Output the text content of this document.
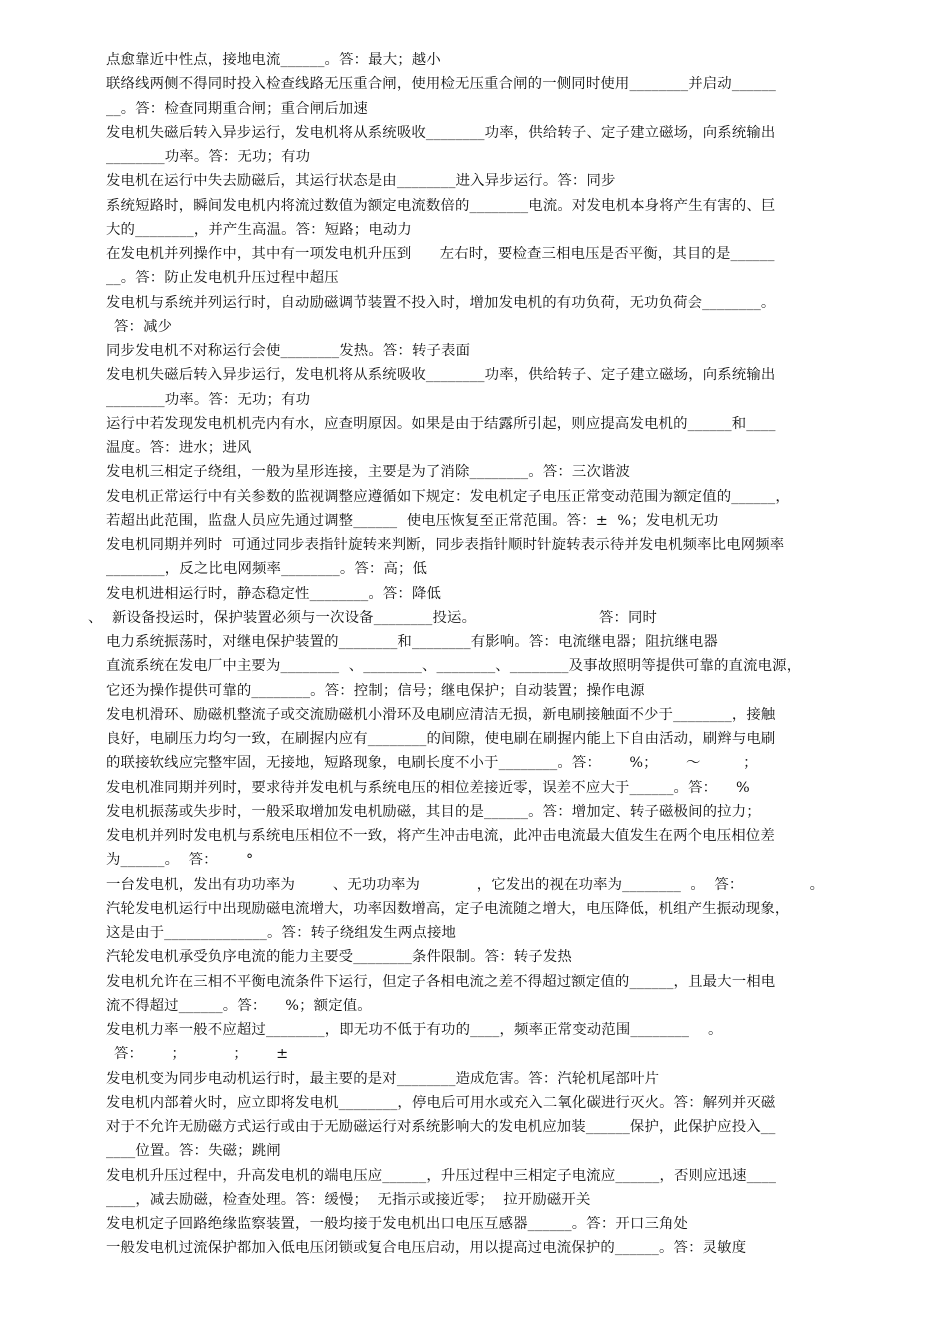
点愈靠近中性点，接地电流______。答：最大；越小
联络线两侧不得同时投入检查线路无压重合闸，使用检无压重合闸的一侧同时使用________并启动______
__。答：检查同期重合闸；重合闸后加速
发电机失磁后转入异步运行，发电机将从系统吸收________功率，供给转子、定子建立磁场，向系统输出
________功率。答：无功；有功
发电机在运行中失去励磁后，其运行状态是由________进入异步运行。答：同步
系统短路时，瞬间发电机内将流过数值为额定电流数倍的________电流。对发电机本身将产生有害的、巨
大的________，并产生高温。答：短路；电动力
在发电机并列操作中，其中有一项发电机升压到      左右时，要检查三相电压是否平衡，其目的是______
__。答：防止发电机升压过程中超压
发电机与系统并列运行时，自动励磁调节装置不投入时，增加发电机的有功负荷，无功负荷会________。
答：减少
同步发电机不对称运行会使________发热。答：转子表面
发电机失磁后转入异步运行，发电机将从系统吸收________功率，供给转子、定子建立磁场，向系统输出
________功率。答：无功；有功
运行中若发现发电机机壳内有水，应查明原因。如果是由于结露所引起，则应提高发电机的______和____
温度。答：进水；进风
发电机三相定子绕组，一般为星形连接，主要是为了消除________。答：三次谐波
发电机正常运行中有关参数的监视调整应遵循如下规定：发电机定子电压正常变动范围为额定值的______，
若超出此范围，监盘人员应先通过调整______  使电压恢复至正常范围。答：±  %；发电机无功
发电机同期并列时  可通过同步表指针旋转来判断，同步表指针顺时针旋转表示待并发电机频率比电网频率
________，反之比电网频率________。答：高；低
发电机进相运行时，静态稳定性________。答：降低
、  新设备投运时，保护装置必须与一次设备________投运。                          答：同时
电力系统振荡时，对继电保护装置的________和________有影响。答：电流继电器；阻抗继电器
直流系统在发电厂中主要为________  、________、________、________及事故照明等提供可靠的直流电源，
它还为操作提供可靠的________。答：控制；信号；继电保护；自动装置；操作电源
发电机滑环、励磁机整流子或交流励磁机小滑环及电刷应清洁无损，新电刷接触面不少于________，接触
良好，电刷压力均匀一致，在刷握内应有________的间隙，使电刷在刷握内能上下自由活动，刷辫与电刷
的联接软线应完整牢固，无接地，短路现象，电刷长度不小于________。答：      %；      ～         ；
发电机准同期并列时，要求待并发电机与系统电压的相位差接近零，误差不应大于______。答：    %
发电机振荡或失步时，一般采取增加发电机励磁，其目的是______。答：增加定、转子磁极间的拉力；
发电机并列时发电机与系统电压相位不一致，将产生冲击电流，此冲击电流最大值发生在两个电压相位差
为______。  答：      °
一台发电机，发出有功功率为        、无功功率为            ，它发出的视在功率为________  。  答：              。
汽轮发电机运行中出现励磁电流增大，功率因数增高，定子电流随之增大，电压降低，机组产生振动现象，
这是由于______________。答：转子绕组发生两点接地
汽轮发电机承受负序电流的能力主要受________条件限制。答：转子发热
发电机允许在三相不平衡电流条件下运行，但定子各相电流之差不得超过额定值的______，且最大一相电
流不得超过______。答：    %；额定值。
发电机力率一般不应超过________，即无功不低于有功的____，频率正常变动范围________    。
答：      ；          ；      ±
发电机变为同步电动机运行时，最主要的是对________造成危害。答：汽轮机尾部叶片
发电机内部着火时，应立即将发电机________，停电后可用水或充入二氧化碳进行灭火。答：解列并灭磁
对于不允许无励磁方式运行或由于无励磁运行对系统影响大的发电机应加装______保护，此保护应投入__
____位置。答：失磁；跳闸
发电机升压过程中，升高发电机的端电压应______，升压过程中三相定子电流应______，否则应迅速____
____，减去励磁，检查处理。答：缓慢；  无指示或接近零；  拉开励磁开关
发电机定子回路绝缘监察装置，一般均接于发电机出口电压互感器______。答：开口三角处
一般发电机过流保护都加入低电压闭锁或复合电压启动，用以提高过电流保护的______。答：灵敏度
